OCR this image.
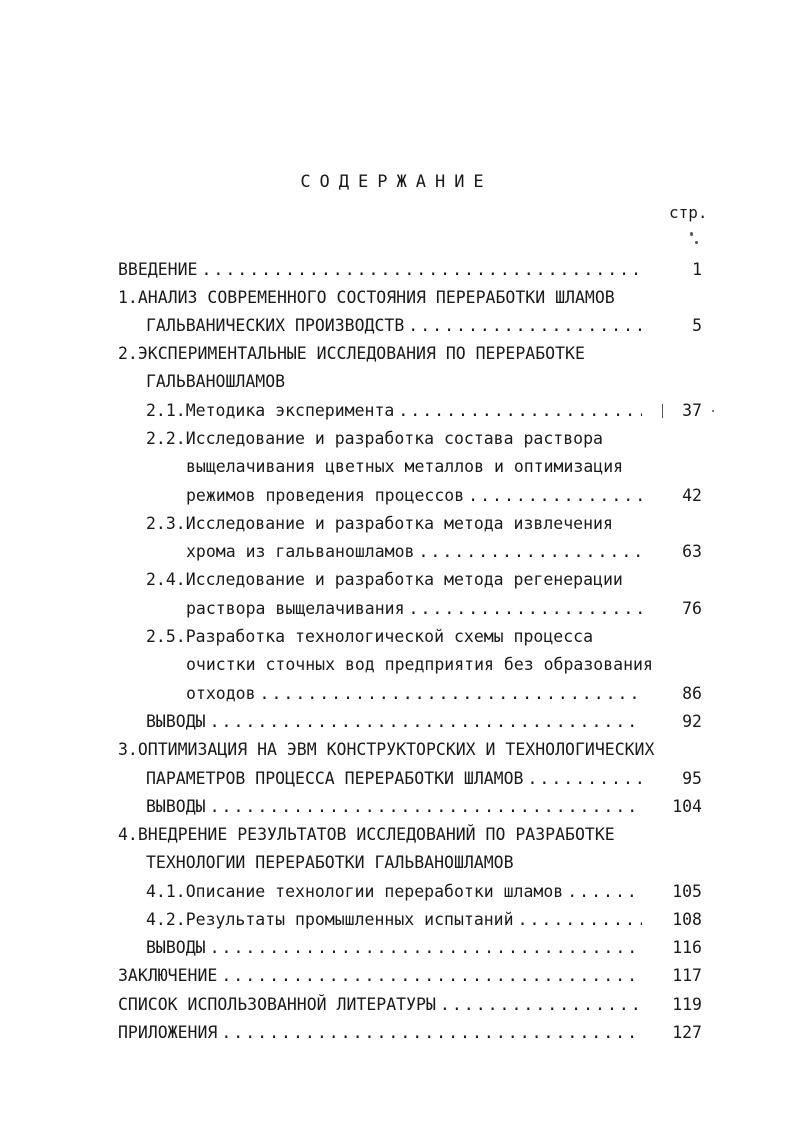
СОДЕРЖАНИЕ
стр.
1
ВВЕДЕНИЕ
.....
1.АНАЛИЗ СОВРЕМЕННОГО СОСТОЯНИЯ ПЕРЕРАБОТКИ ШЛАМОВ
5
ГАЛЬВАНИЧЕСКИХ ПРОИЗВОДСТВ
.....
2.ЭКСПЕРИМЕНТАЛЬНЫЕ ИССЛЕДОВАНИЯ ПО ПЕРЕРАБОТКЕ
ГАЛЬВАНОШЛАМОВ
37
2.1.Методика эксперимента
.....
2.2.Исследование и разработка состава раствора
выщелачивания цветных металлов и оптимизация
42
режимов проведения процессов
.....
2.3.Исследование и разработка метода извлечения
63
хрома из гальваношламов
.....
2.4.Исследование и разработка метода регенерации
76
раствора выщелачивания
.....
2.5.Разработка технологической схемы процесса
очистки сточных вод предприятия без образования
86
отходов
.....
92
ВЫВОДЫ
.....
3.ОПТИМИЗАЦИЯ НА ЭВМ КОНСТРУКТОРСКИХ И ТЕХНОЛОГИЧЕСКИХ
95
ПАРАМЕТРОВ ПРОЦЕССА ПЕРЕРАБОТКИ ШЛАМОВ
.....
104
ВЫВОДЫ
.....
4.ВНЕДРЕНИЕ РЕЗУЛЬТАТОВ ИССЛЕДОВАНИЙ ПО РАЗРАБОТКЕ
ТЕХНОЛОГИИ ПЕРЕРАБОТКИ ГАЛЬВАНОШЛАМОВ
105
4.1.Описание технологии переработки шламов
.....
108
4.2.Результаты промышленных испытаний
.....
116
ВЫВОДЫ
.....
117
ЗАКЛЮЧЕНИЕ
.....
119
СПИСОК ИСПОЛЬЗОВАННОЙ ЛИТЕРАТУРЫ
.....
127
ПРИЛОЖЕНИЯ
.....
